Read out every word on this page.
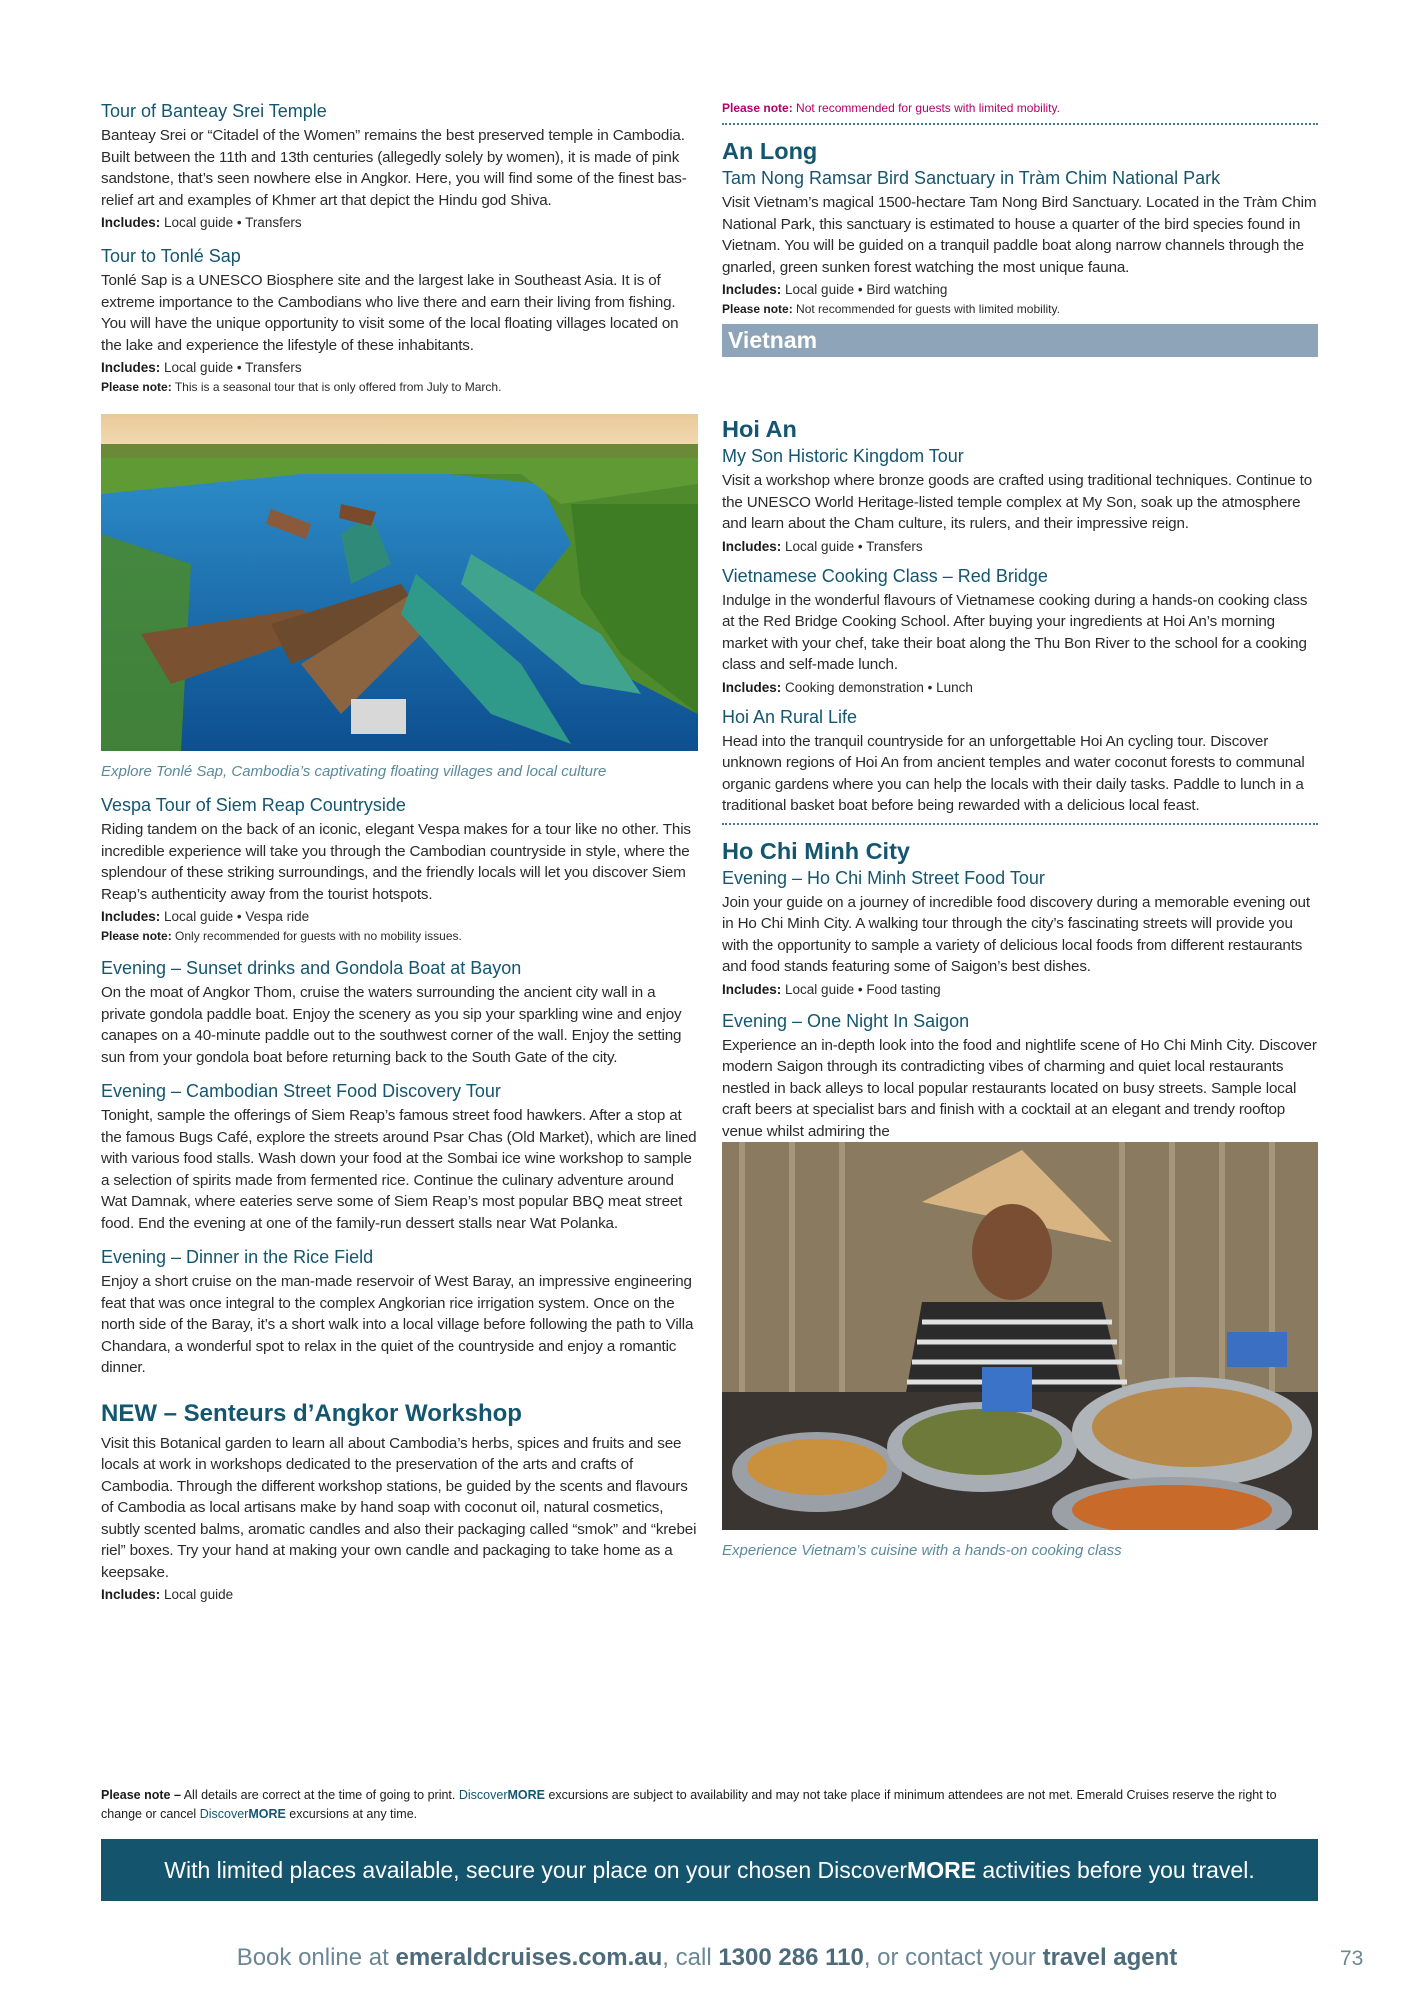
Tour of Banteay Srei Temple

Banteay Srei or “Citadel of the Women” remains the best preserved temple in Cambodia. Built between the 11th and 13th centuries (allegedly solely by women), it is made of pink sandstone, that’s seen nowhere else in Angkor. Here, you will find some of the finest bas-relief art and examples of Khmer art that depict the Hindu god Shiva.

Includes: Local guide • Transfers

Tour to Tonlé Sap

Tonlé Sap is a UNESCO Biosphere site and the largest lake in Southeast Asia. It is of extreme importance to the Cambodians who live there and earn their living from fishing. You will have the unique opportunity to visit some of the local floating villages located on the lake and experience the lifestyle of these inhabitants.

Includes: Local guide • Transfers

Please note: This is a seasonal tour that is only offered from July to March.

Explore Tonlé Sap, Cambodia’s captivating floating villages and local culture

Vespa Tour of Siem Reap Countryside

Riding tandem on the back of an iconic, elegant Vespa makes for a tour like no other. This incredible experience will take you through the Cambodian countryside in style, where the splendour of these striking surroundings, and the friendly locals will let you discover Siem Reap’s authenticity away from the tourist hotspots.

Includes: Local guide • Vespa ride

Please note: Only recommended for guests with no mobility issues.

Evening – Sunset drinks and Gondola Boat at Bayon

On the moat of Angkor Thom, cruise the waters surrounding the ancient city wall in a private gondola paddle boat. Enjoy the scenery as you sip your sparkling wine and enjoy canapes on a 40-minute paddle out to the southwest corner of the wall. Enjoy the setting sun from your gondola boat before returning back to the South Gate of the city.

Evening – Cambodian Street Food Discovery Tour

Tonight, sample the offerings of Siem Reap’s famous street food hawkers. After a stop at the famous Bugs Café, explore the streets around Psar Chas (Old Market), which are lined with various food stalls. Wash down your food at the Sombai ice wine workshop to sample a selection of spirits made from fermented rice. Continue the culinary adventure around Wat Damnak, where eateries serve some of Siem Reap’s most popular BBQ meat street food. End the evening at one of the family-run dessert stalls near Wat Polanka.

Evening – Dinner in the Rice Field

Enjoy a short cruise on the man-made reservoir of West Baray, an impressive engineering feat that was once integral to the complex Angkorian rice irrigation system. Once on the north side of the Baray, it’s a short walk into a local village before following the path to Villa Chandara, a wonderful spot to relax in the quiet of the countryside and enjoy a romantic dinner.

NEW – Senteurs d’Angkor Workshop

Visit this Botanical garden to learn all about Cambodia’s herbs, spices and fruits and see locals at work in workshops dedicated to the preservation of the arts and crafts of Cambodia. Through the different workshop stations, be guided by the scents and flavours of Cambodia as local artisans make by hand soap with coconut oil, natural cosmetics, subtly scented balms, aromatic candles and also their packaging called “smok” and “krebei riel” boxes. Try your hand at making your own candle and packaging to take home as a keepsake.

Includes: Local guide

Please note: Not recommended for guests with limited mobility.

An Long
Tam Nong Ramsar Bird Sanctuary in Tràm Chim National Park

Visit Vietnam’s magical 1500-hectare Tam Nong Bird Sanctuary. Located in the Tràm Chim National Park, this sanctuary is estimated to house a quarter of the bird species found in Vietnam. You will be guided on a tranquil paddle boat along narrow channels through the gnarled, green sunken forest watching the most unique fauna.

Includes: Local guide • Bird watching

Please note: Not recommended for guests with limited mobility.

Vietnam
Hoi An
My Son Historic Kingdom Tour

Visit a workshop where bronze goods are crafted using traditional techniques. Continue to the UNESCO World Heritage-listed temple complex at My Son, soak up the atmosphere and learn about the Cham culture, its rulers, and their impressive reign.

Includes: Local guide • Transfers

Vietnamese Cooking Class – Red Bridge

Indulge in the wonderful flavours of Vietnamese cooking during a hands-on cooking class at the Red Bridge Cooking School. After buying your ingredients at Hoi An’s morning market with your chef, take their boat along the Thu Bon River to the school for a cooking class and self-made lunch.

Includes: Cooking demonstration • Lunch

Hoi An Rural Life

Head into the tranquil countryside for an unforgettable Hoi An cycling tour. Discover unknown regions of Hoi An from ancient temples and water coconut forests to communal organic gardens where you can help the locals with their daily tasks. Paddle to lunch in a traditional basket boat before being rewarded with a delicious local feast.

Ho Chi Minh City
Evening – Ho Chi Minh Street Food Tour

Join your guide on a journey of incredible food discovery during a memorable evening out in Ho Chi Minh City. A walking tour through the city’s fascinating streets will provide you with the opportunity to sample a variety of delicious local foods from different restaurants and food stands featuring some of Saigon’s best dishes.

Includes: Local guide • Food tasting

Evening – One Night In Saigon

Experience an in-depth look into the food and nightlife scene of Ho Chi Minh City. Discover modern Saigon through its contradicting vibes of charming and quiet local restaurants nestled in back alleys to local popular restaurants located on busy streets. Sample local craft beers at specialist bars and finish with a cocktail at an elegant and trendy rooftop venue whilst admiring the

Experience Vietnam’s cuisine with a hands-on cooking class

Please note – All details are correct at the time of going to print. DiscoverMORE excursions are subject to availability and may not take place if minimum attendees are not met. Emerald Cruises reserve the right to change or cancel DiscoverMORE excursions at any time.
With limited places available, secure your place on your chosen DiscoverMORE activities before you travel.
Book online at emeraldcruises.com.au, call 1300 286 110, or contact your travel agent	73
